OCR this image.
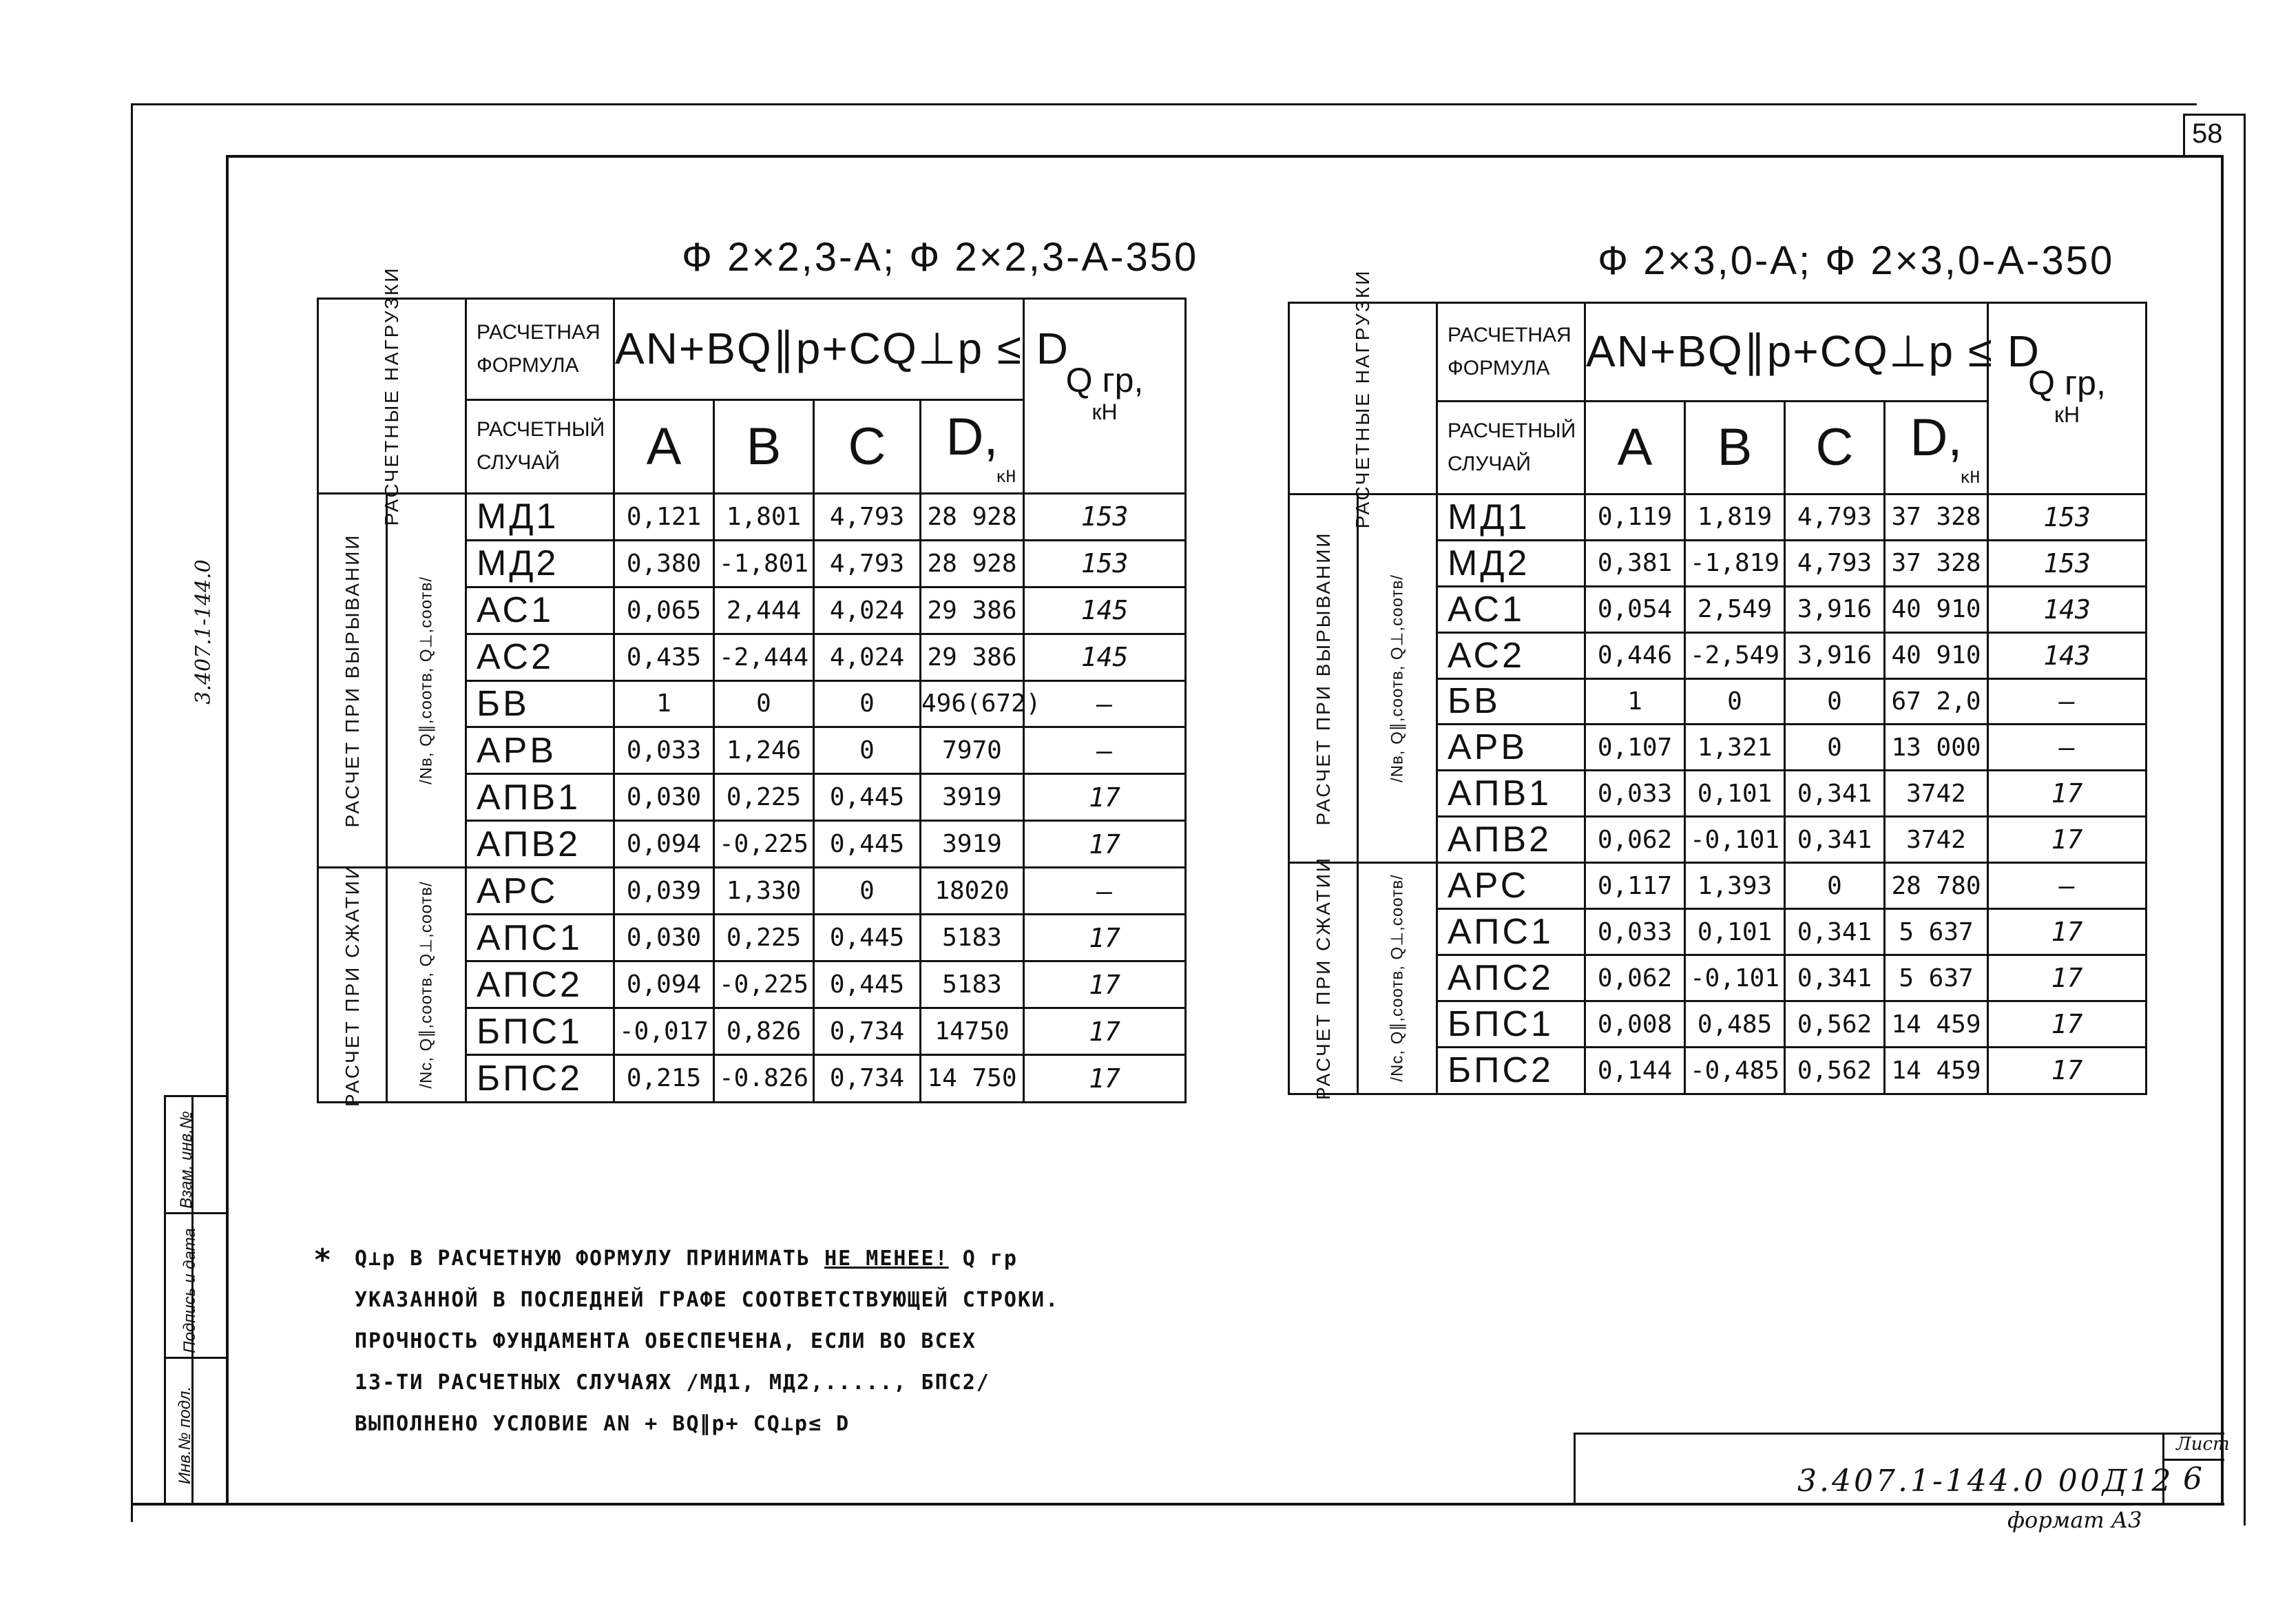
58
Взам. инв.№
Подпись и дата
Инв.№ подл.
3.407.1-144.0
Ф 2×2,3-А; Ф 2×2,3-А-350	Ф 2×3,0-А; Ф 2×3,0-А-350
РАСЧЕТНЫЕ НАГРУЗКИ		РАСЧЕТНАЯ ФОРМУЛА	AN+BQ∥р+CQ⊥р ≤ D				Q гр,
кН

		РАСЧЕТНЫЙ СЛУЧАЙ	A	B	C	D,
кН	

РАСЧЕТ ПРИ ВЫРЫВАНИИ	/Nв, Q∥,соотв, Q⊥,соотв/	МД1	0,121	1,801	4,793	28 928	153
		МД2	0,380	-1,801	4,793	28 928	153
		АС1	0,065	2,444	4,024	29 386	145
		АС2	0,435	-2,444	4,024	29 386	145
		БВ	1	0	0	496(672)	—
		АРВ	0,033	1,246	0	7970	—
		АПВ1	0,030	0,225	0,445	3919	17
		АПВ2	0,094	-0,225	0,445	3919	17

РАСЧЕТ ПРИ СЖАТИИ	/Nс, Q∥,соотв, Q⊥,соотв/	АРС	0,039	1,330	0	18020	—
		АПС1	0,030	0,225	0,445	5183	17
		АПС2	0,094	-0,225	0,445	5183	17
		БПС1	-0,017	0,826	0,734	14750	17
		БПС2	0,215	-0.826	0,734	14 750	17
РАСЧЕТНЫЕ НАГРУЗКИ		РАСЧЕТНАЯ ФОРМУЛА	AN+BQ∥р+CQ⊥р ≤ D				Q гр,
кН

		РАСЧЕТНЫЙ СЛУЧАЙ	A	B	C	D,
кН	

РАСЧЕТ ПРИ ВЫРЫВАНИИ	/Nв, Q∥,соотв, Q⊥,соотв/	МД1	0,119	1,819	4,793	37 328	153
		МД2	0,381	-1,819	4,793	37 328	153
		АС1	0,054	2,549	3,916	40 910	143
		АС2	0,446	-2,549	3,916	40 910	143
		БВ	1	0	0	67 2,0	—
		АРВ	0,107	1,321	0	13 000	—
		АПВ1	0,033	0,101	0,341	3742	17
		АПВ2	0,062	-0,101	0,341	3742	17

РАСЧЕТ ПРИ СЖАТИИ	/Nс, Q∥,соотв, Q⊥,соотв/	АРС	0,117	1,393	0	28 780	—
		АПС1	0,033	0,101	0,341	5 637	17
		АПС2	0,062	-0,101	0,341	5 637	17
		БПС1	0,008	0,485	0,562	14 459	17
		БПС2	0,144	-0,485	0,562	14 459	17
* Q⊥р В РАСЧЕТНУЮ ФОРМУЛУ ПРИНИМАТЬ НЕ МЕНЕЕ! Q гр
УКАЗАННОЙ В ПОСЛЕДНЕЙ ГРАФЕ СООТВЕТСТВУЮЩЕЙ СТРОКИ.
ПРОЧНОСТЬ ФУНДАМЕНТА ОБЕСПЕЧЕНА, ЕСЛИ ВО ВСЕХ
13-ТИ РАСЧЕТНЫХ СЛУЧАЯХ /МД1, МД2,....., БПС2/
ВЫПОЛНЕНО УСЛОВИЕ AN + BQ∥р+ CQ⊥р≤ D
Лист
6
3.407.1-144.0 00Д12
формат А3
